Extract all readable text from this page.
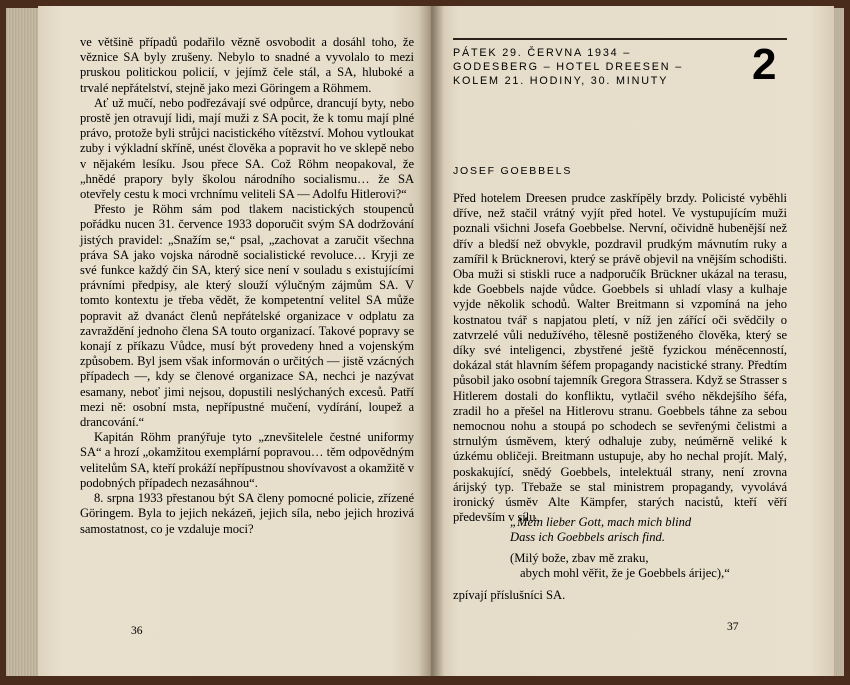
ve většině případů podařilo vězně osvobodit a dosáhl toho, že věznice SA byly zrušeny. Nebylo to snadné a vyvolalo to mezi pruskou politickou policií, v jejímž čele stál, a SA, hluboké a trvalé nepřátelství, stejně jako mezi Göringem a Röhmem.

Ať už mučí, nebo podřezávají své odpůrce, drancují byty, nebo prostě jen otravují lidi, mají muži z SA pocit, že k tomu mají plné právo, protože byli strůjci nacistického vítězství. Mohou vytloukat zuby i výkladní skříně, unést člověka a popravit ho ve sklepě nebo v nějakém lesíku. Jsou přece SA. Což Röhm neopakoval, že „hnědé prapory byly školou národního socialismu… že SA otevřely cestu k moci vrchnímu veliteli SA — Adolfu Hitlerovi?“

Přesto je Röhm sám pod tlakem nacistických stoupenců pořádku nucen 31. července 1933 doporučit svým SA dodržování jistých pravidel: „Snažím se,“ psal, „zachovat a zaručit všechna práva SA jako vojska národně socialistické revoluce… Kryji ze své funkce každý čin SA, který sice není v souladu s existujícími právními předpisy, ale který slouží výlučným zájmům SA. V tomto kontextu je třeba vědět, že kompetentní velitel SA může popravit až dvanáct členů nepřátelské organizace v odplatu za zavraždění jednoho člena SA touto organizací. Takové popravy se konají z příkazu Vůdce, musí být provedeny hned a vojenským způsobem. Byl jsem však informován o určitých — jistě vzácných případech —, kdy se členové organizace SA, nechci je nazývat esamany, neboť jimi nejsou, dopustili neslýchaných excesů. Patří mezi ně: osobní msta, nepřípustné mučení, vydírání, loupež a drancování.“

Kapitán Röhm pranýřuje tyto „znevšitelele čestné uniformy SA“ a hrozí „okamžitou exemplární popravou… těm odpovědným velitelům SA, kteří prokáží nepřípustnou shovívavost a okamžitě v podobných případech nezasáhnou“.

8. srpna 1933 přestanou být SA členy pomocné policie, zřízené Göringem. Byla to jejich nekázeň, jejich síla, nebo jejich hrozivá samostatnost, co je vzdaluje moci?

36
PÁTEK 29. ČERVNA 1934 –
GODESBERG – HOTEL DREESEN –
KOLEM 21. HODINY, 30. MINUTY	2
JOSEF GOEBBELS
Před hotelem Dreesen prudce zaskřípěly brzdy. Policisté vyběhli dříve, než stačil vrátný vyjít před hotel. Ve vystupujícím muži poznali všichni Josefa Goebbelse. Nervní, očividně hubenější než dřív a bledší než obvykle, pozdravil prudkým mávnutím ruky a zamířil k Brücknerovi, který se právě objevil na vnějším schodišti. Oba muži si stiskli ruce a nadporučík Brückner ukázal na terasu, kde Goebbels najde vůdce. Goebbels si uhladí vlasy a kulhaje vyjde několik schodů. Walter Breitmann si vzpomíná na jeho kostnatou tvář s napjatou pletí, v níž jen zářící oči svědčily o zatvrzelé vůli nedužívého, tělesně postiženého člověka, který se díky své inteligenci, zbystřené ještě fyzickou méněcenností, dokázal stát hlavním šéfem propagandy nacistické strany. Předtím působil jako osobní tajemník Gregora Strassera. Když se Strasser s Hitlerem dostali do konfliktu, vytlačil svého někdejšího šéfa, zradil ho a přešel na Hitlerovu stranu. Goebbels táhne za sebou nemocnou nohu a stoupá po schodech se sevřenými čelistmi a strnulým úsměvem, který odhaluje zuby, neúměrně veliké k úzkému obličeji. Breitmann ustupuje, aby ho nechal projít. Malý, poskakující, snědý Goebbels, intelektuál strany, není zrovna árijský typ. Třebaže se stal ministrem propagandy, vyvolává ironický úsměv Alte Kämpfer, starých nacistů, kteří věří především v sílu.
„Mein lieber Gott, mach mich blind
Dass ich Goebbels arisch find.
(Milý bože, zbav mě zraku,
abych mohl věřit, že je Goebbels árijec),“
zpívají příslušníci SA.
37
